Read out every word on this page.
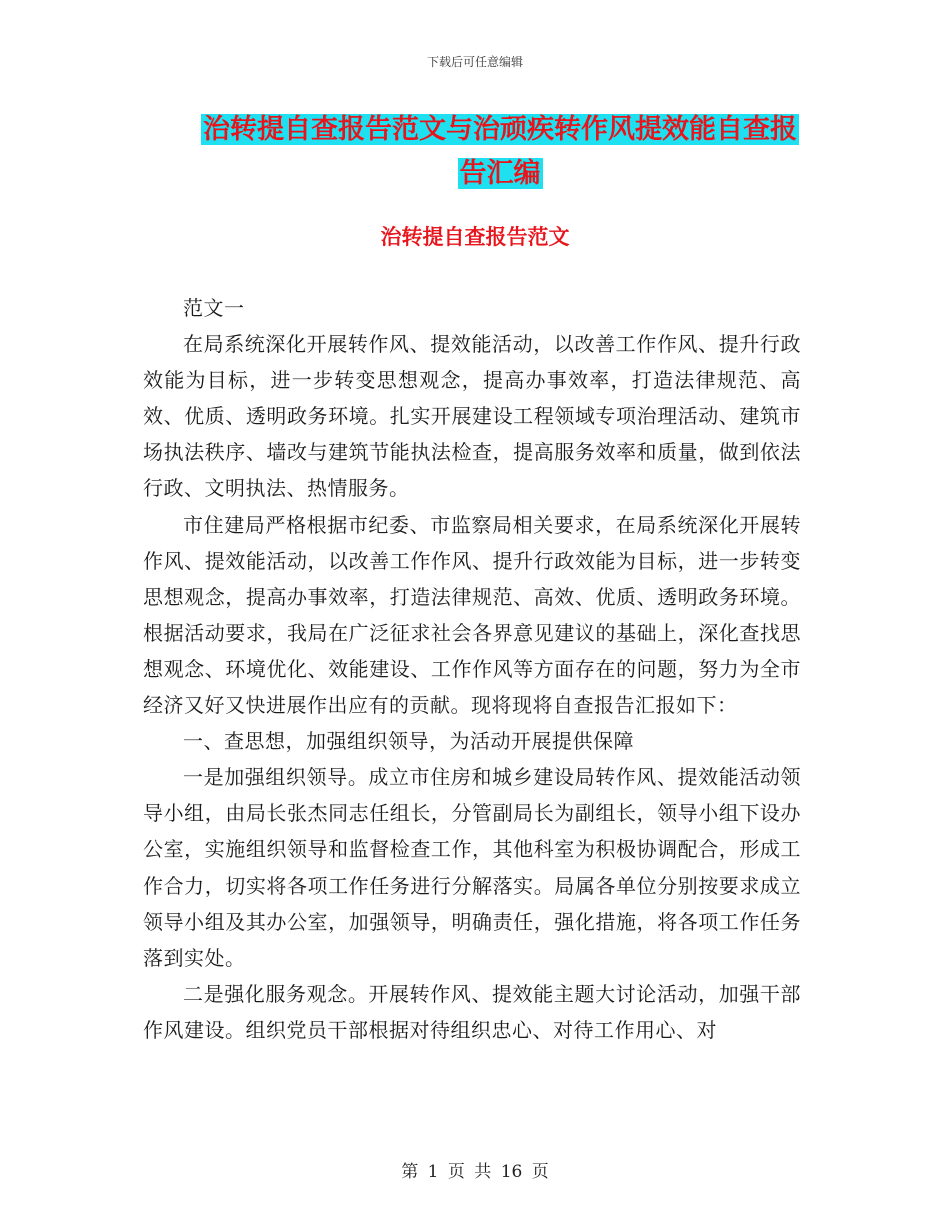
下载后可任意编辑
治转提自查报告范文与治顽疾转作风提效能自查报告汇编
治转提自查报告范文

范文一

在局系统深化开展转作风、提效能活动，以改善工作作风、提升行政效能为目标，进一步转变思想观念，提高办事效率，打造法律规范、高效、优质、透明政务环境。扎实开展建设工程领域专项治理活动、建筑市场执法秩序、墙改与建筑节能执法检查，提高服务效率和质量，做到依法行政、文明执法、热情服务。

市住建局严格根据市纪委、市监察局相关要求，在局系统深化开展转作风、提效能活动，以改善工作作风、提升行政效能为目标，进一步转变思想观念，提高办事效率，打造法律规范、高效、优质、透明政务环境。根据活动要求，我局在广泛征求社会各界意见建议的基础上，深化查找思想观念、环境优化、效能建设、工作作风等方面存在的问题，努力为全市经济又好又快进展作出应有的贡献。现将现将自查报告汇报如下：

一、查思想，加强组织领导，为活动开展提供保障

一是加强组织领导。成立市住房和城乡建设局转作风、提效能活动领导小组，由局长张杰同志任组长，分管副局长为副组长，领导小组下设办公室，实施组织领导和监督检查工作，其他科室为积极协调配合，形成工作合力，切实将各项工作任务进行分解落实。局属各单位分别按要求成立领导小组及其办公室，加强领导，明确责任，强化措施，将各项工作任务落到实处。

二是强化服务观念。开展转作风、提效能主题大讨论活动，加强干部作风建设。组织党员干部根据对待组织忠心、对待工作用心、对

第 1 页 共 16 页
